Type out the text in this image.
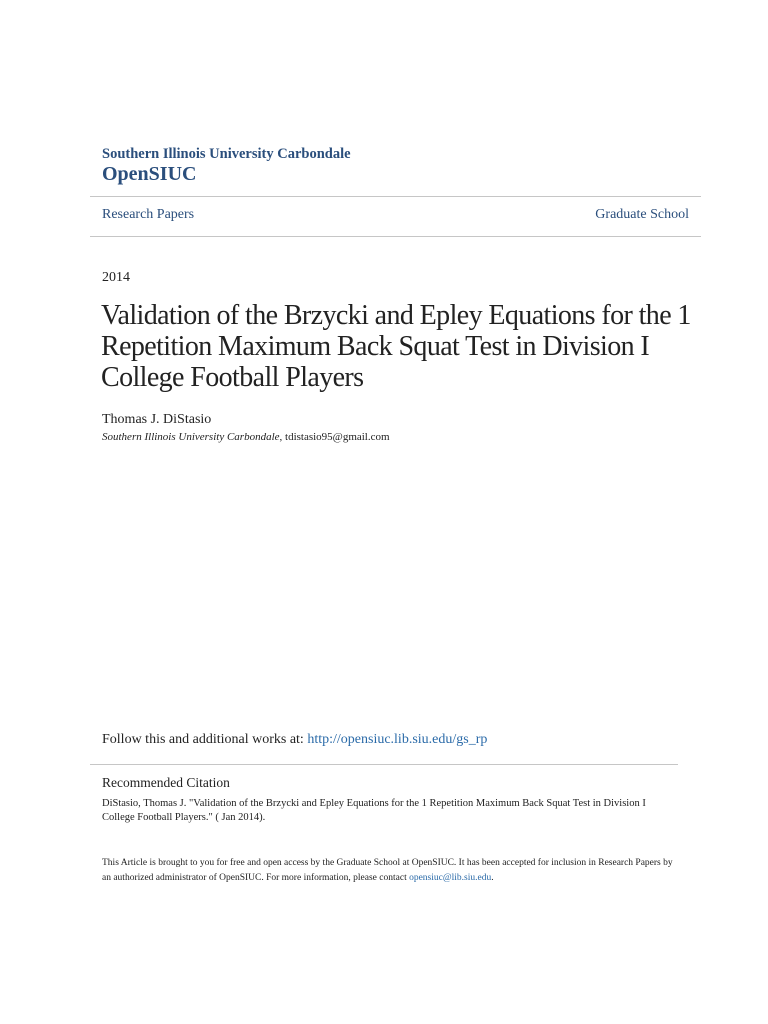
Southern Illinois University Carbondale
OpenSIUC
Research Papers	Graduate School
2014
Validation of the Brzycki and Epley Equations for the 1 Repetition Maximum Back Squat Test in Division I College Football Players
Thomas J. DiStasio
Southern Illinois University Carbondale, tdistasio95@gmail.com
Follow this and additional works at: http://opensiuc.lib.siu.edu/gs_rp
Recommended Citation
DiStasio, Thomas J. "Validation of the Brzycki and Epley Equations for the 1 Repetition Maximum Back Squat Test in Division I College Football Players." ( Jan 2014).
This Article is brought to you for free and open access by the Graduate School at OpenSIUC. It has been accepted for inclusion in Research Papers by an authorized administrator of OpenSIUC. For more information, please contact opensiuc@lib.siu.edu.
